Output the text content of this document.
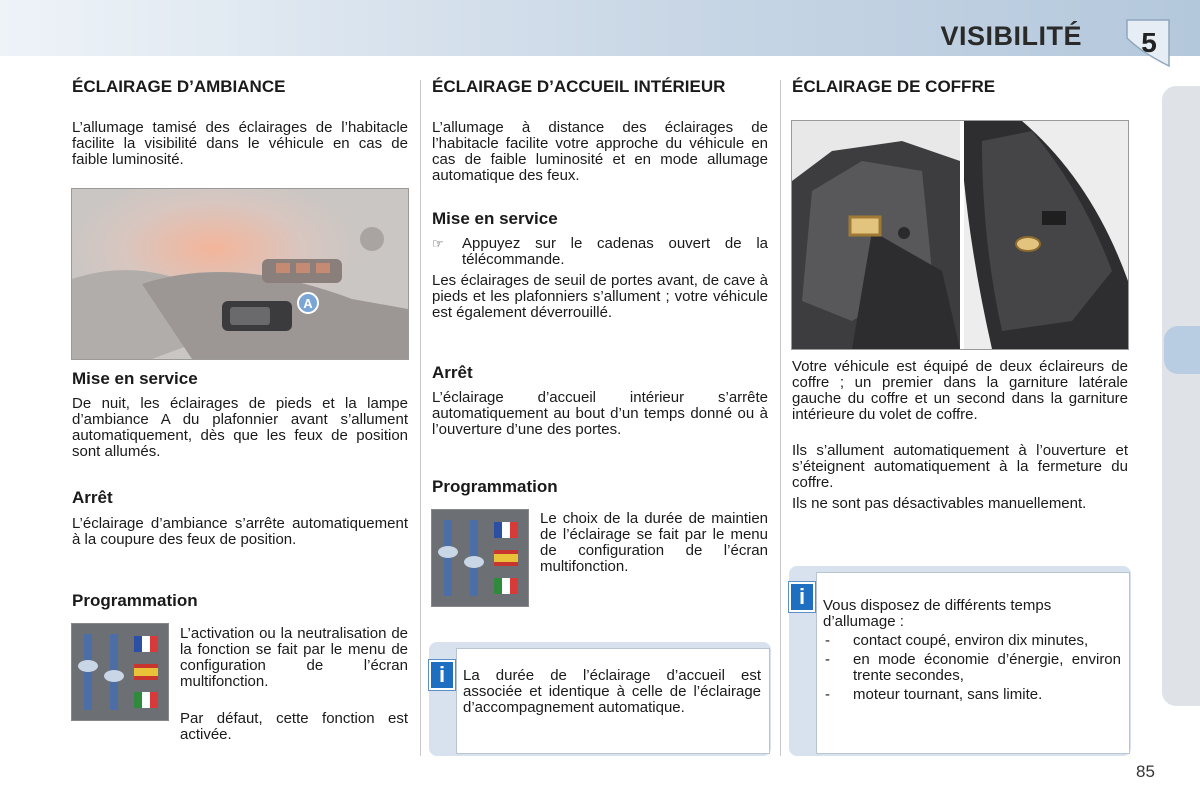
VISIBILITÉ 5
ÉCLAIRAGE D’AMBIANCE

L’allumage tamisé des éclairages de l’habitacle facilite la visibilité dans le véhicule en cas de faible luminosité.

A
Mise en service

De nuit, les éclairages de pieds et la lampe d’ambiance A du plafonnier avant s’allument automatiquement, dès que les feux de position sont allumés.

Arrêt

L’éclairage d’ambiance s’arrête automatiquement à la coupure des feux de position.

Programmation

L’activation ou la neutralisation de la fonction se fait par le menu de configuration de l’écran multifonction.

Par défaut, cette fonction est activée.

ÉCLAIRAGE D’ACCUEIL INTÉRIEUR

L’allumage à distance des éclairages de l’habitacle facilite votre approche du véhicule en cas de faible luminosité et en mode allumage automatique des feux.

Mise en service
☞ Appuyez sur le cadenas ouvert de la télécommande.

Les éclairages de seuil de portes avant, de cave à pieds et les plafonniers s’allument ; votre véhicule est également déverrouillé.

Arrêt

L’éclairage d’accueil intérieur s’arrête automatiquement au bout d’un temps donné ou à l’ouverture d’une des portes.

Programmation

Le choix de la durée de maintien de l’éclairage se fait par le menu de configuration de l’écran multifonction.

i	La durée de l’éclairage d’accueil est associée et identique à celle de l’éclairage d’accompagnement automatique.

ÉCLAIRAGE DE COFFRE

Votre véhicule est équipé de deux éclaireurs de coffre ; un premier dans la garniture latérale gauche du coffre et un second dans la garniture intérieure du volet de coffre.

Ils s’allument automatiquement à l’ouverture et s’éteignent automatiquement à la fermeture du coffre.

Ils ne sont pas désactivables manuellement.

i	Vous disposez de différents temps d’allumage :

- contact coupé, environ dix minutes,
- en mode économie d’énergie, environ trente secondes,
- moteur tournant, sans limite.
85
